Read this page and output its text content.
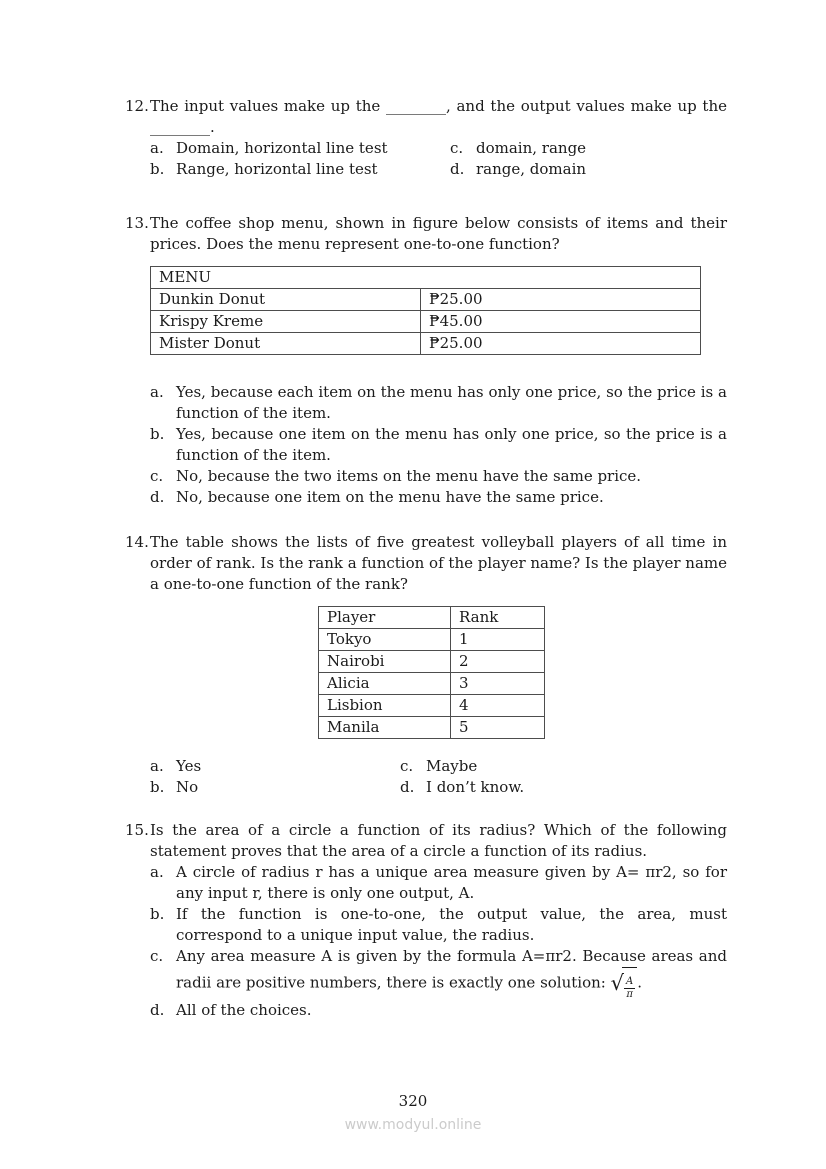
12. The input values make up the ________, and the output values make up the ________.

a. Domain, horizontal line test	c. domain, range
b. Range, horizontal line test	d. range, domain
13. The coffee shop menu, shown in figure below consists of items and their prices. Does the menu represent one-to-one function?

MENU	
Dunkin Donut	₱25.00
Krispy Kreme	₱45.00
Mister Donut	₱25.00
a. Yes, because each item on the menu has only one price, so the price is a function of the item.
b. Yes, because one item on the menu has only one price, so the price is a function of the item.
c. No, because the two items on the menu have the same price.
d. No, because one item on the menu have the same price.
14. The table shows the lists of five greatest volleyball players of all time in order of rank. Is the rank a function of the player name? Is the player name a one-to-one function of the rank?

Player	Rank
Tokyo	1
Nairobi	2
Alicia	3
Lisbion	4
Manila	5
a. Yes	c. Maybe
b. No	d. I don’t know.
15. Is the area of a circle a function of its radius? Which of the following statement proves that the area of a circle a function of its radius.

a. A circle of radius r has a unique area measure given by A= πr2, so for any input r, there is only one output, A.
b. If the function is one-to-one, the output value, the area, must correspond to a unique input value, the radius.
c. Any area measure A is given by the formula A=πr2. Because areas and radii are positive numbers, there is exactly one solution: √ $\frac{A}{\pi}$ .
d. All of the choices.
320
www.modyul.online
